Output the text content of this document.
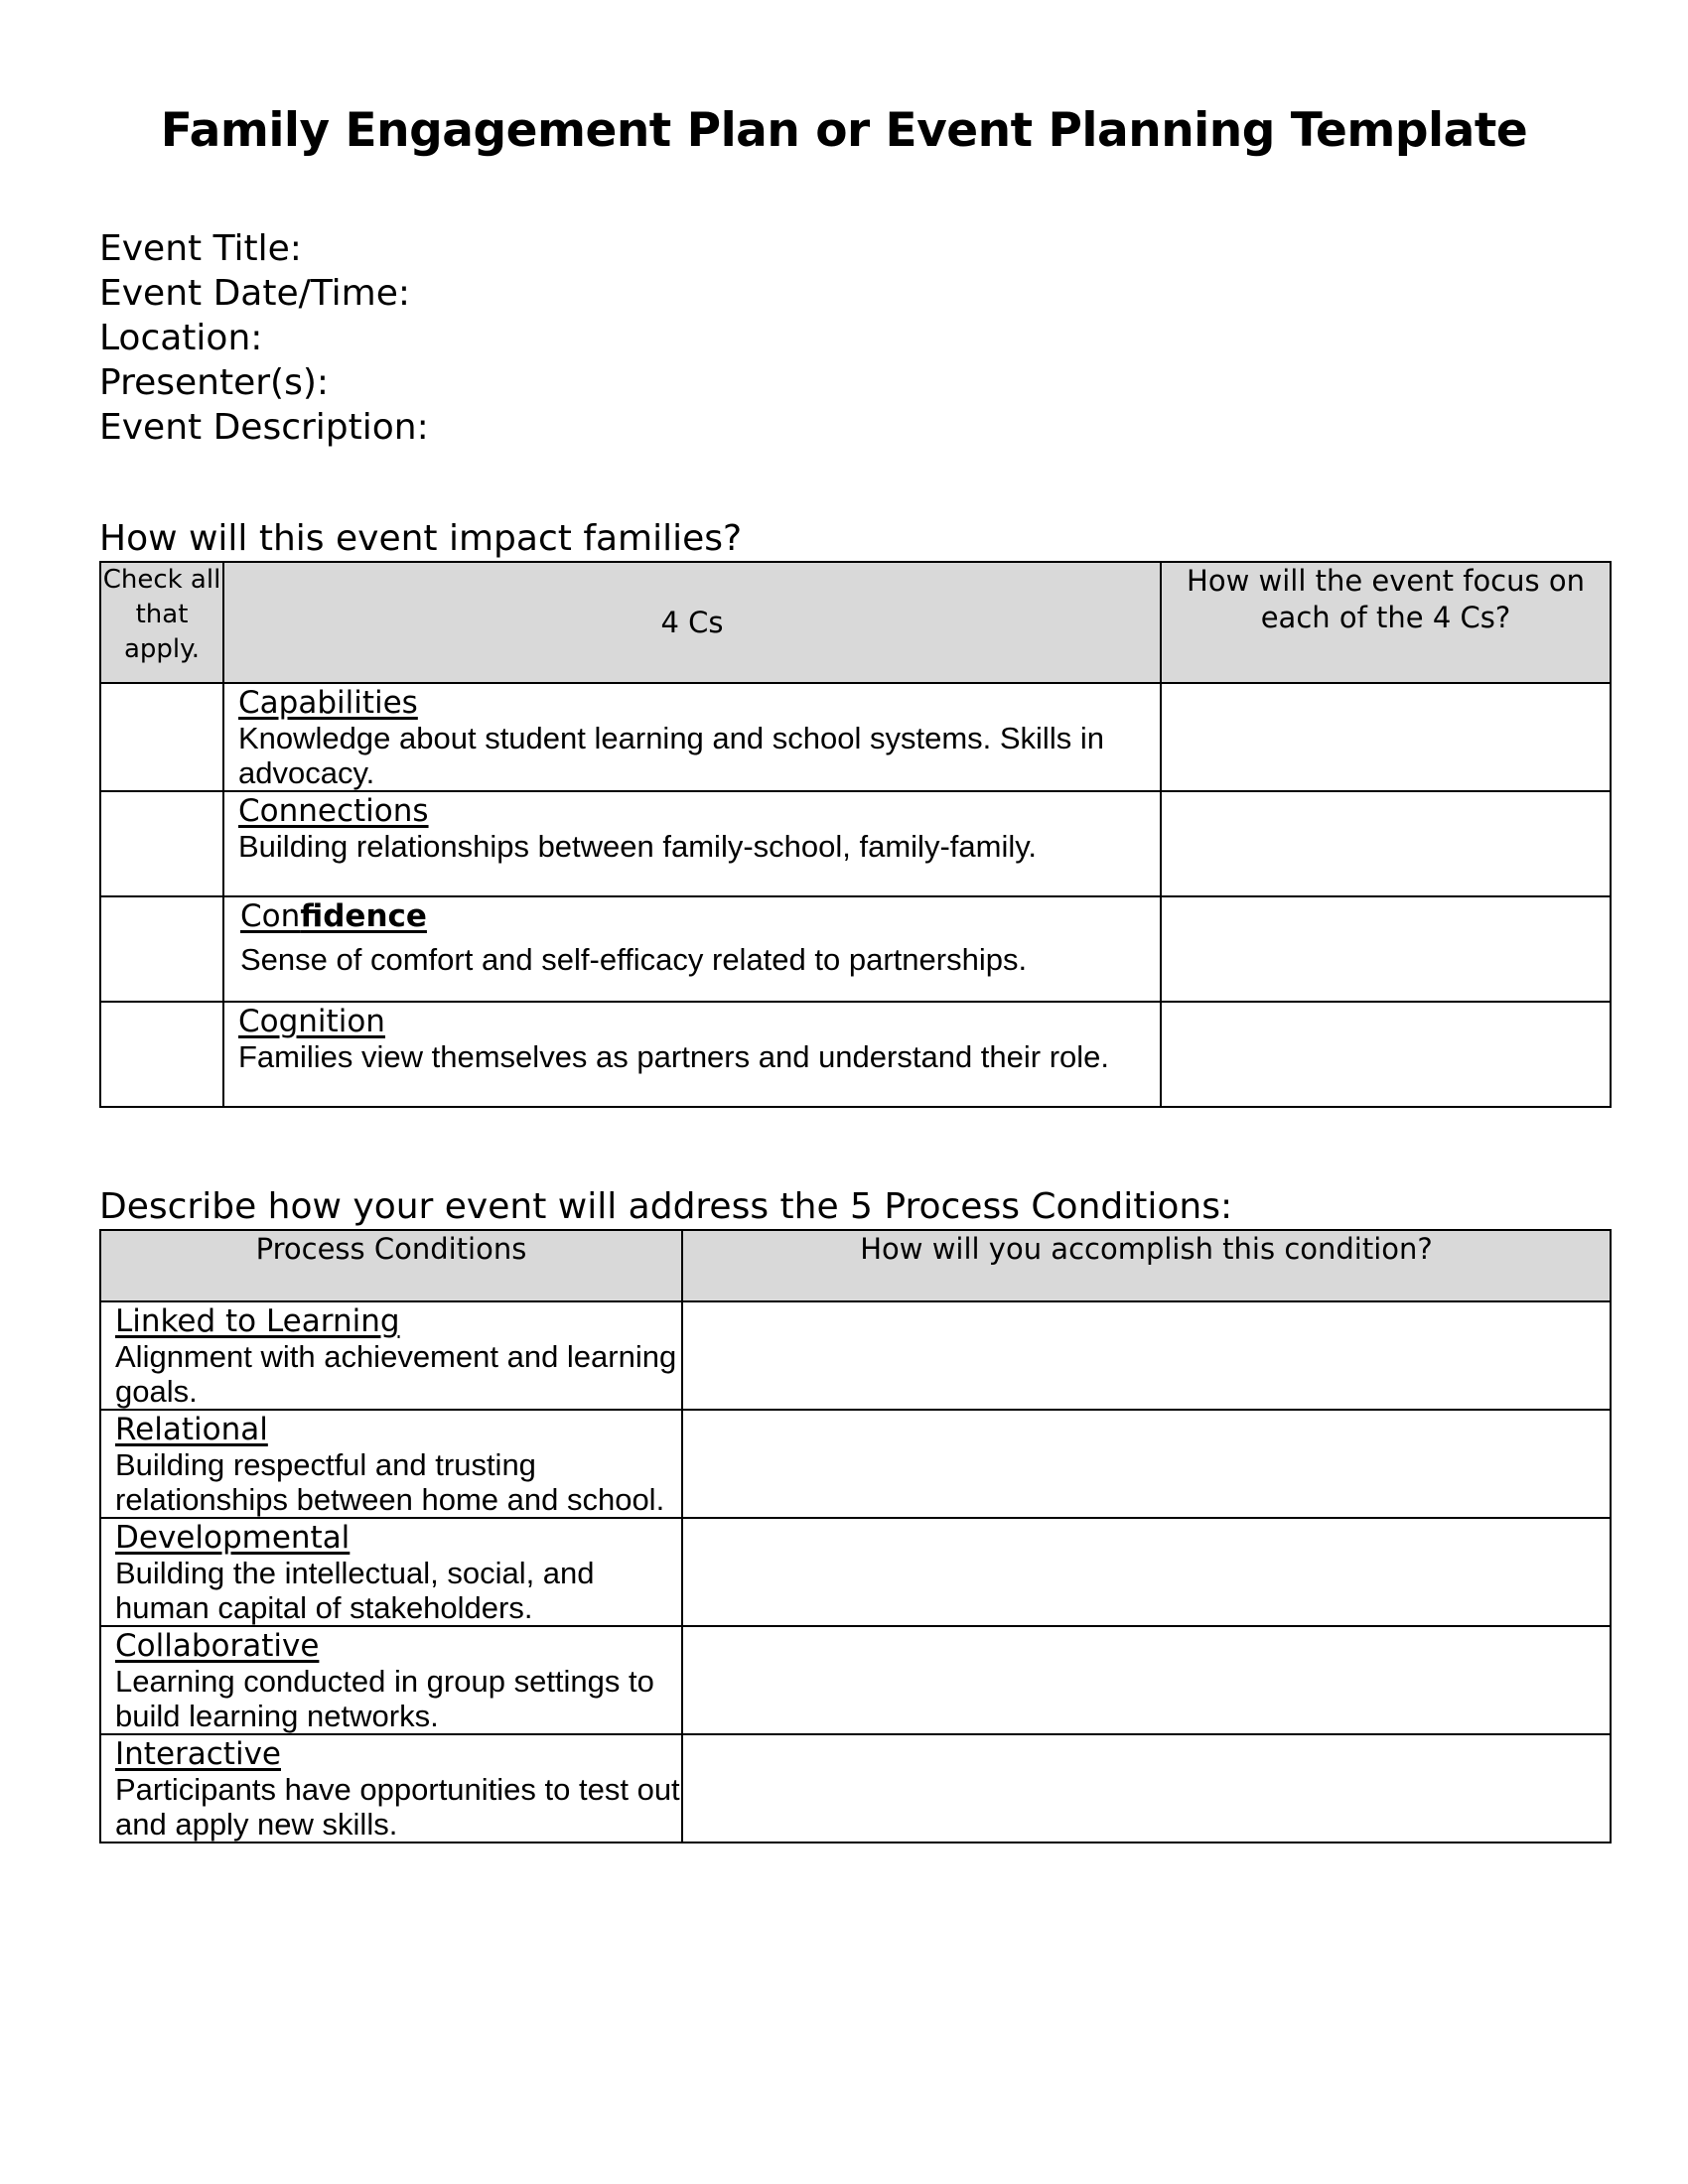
Family Engagement Plan or Event Planning Template
Event Title:
Event Date/Time:
Location:
Presenter(s):
Event Description:
How will this event impact families?
Check all that apply.	4 Cs	How will the event focus on each of the 4 Cs?

	Capabilities
Knowledge about student learning and school systems. Skills in advocacy.	

	Connections
Building relationships between family-school, family-family.	

	Confidence
Sense of comfort and self-efficacy related to partnerships.	

	Cognition
Families view themselves as partners and understand their role.	

Describe how your event will address the 5 Process Conditions:
Process Conditions	How will you accomplish this condition?

Linked to Learning
Alignment with achievement and learning goals.	

Relational
Building respectful and trusting relationships between home and school.	

Developmental
Building the intellectual, social, and human capital of stakeholders.	

Collaborative
Learning conducted in group settings to build learning networks.	

Interactive
Participants have opportunities to test out and apply new skills.	
